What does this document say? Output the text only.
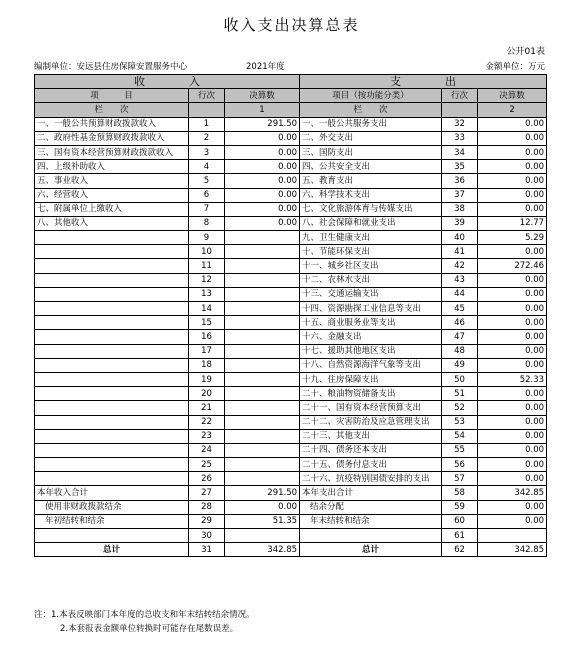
收入支出决算总表
公开01表
编制单位：安远县住房保障安置服务中心	2021年度	金额单位：万元
收　　　　入			支　　　　出		
项　　　目	行次	决算数	项目（按功能分类）	行次	决算数
栏　　次		1	栏　　次		2
一、一般公共预算财政拨款收入	1	291.50	一、一般公共服务支出	32	0.00
二、政府性基金预算财政拨款收入	2	0.00	二、外交支出	33	0.00
三、国有资本经营预算财政拨款收入	3	0.00	三、国防支出	34	0.00
四、上级补助收入	4	0.00	四、公共安全支出	35	0.00
五、事业收入	5	0.00	五、教育支出	36	0.00
六、经营收入	6	0.00	六、科学技术支出	37	0.00
七、附属单位上缴收入	7	0.00	七、文化旅游体育与传媒支出	38	0.00
八、其他收入	8	0.00	八、社会保障和就业支出	39	12.77
	9		九、卫生健康支出	40	5.29
	10		十、节能环保支出	41	0.00
	11		十一、城乡社区支出	42	272.46
	12		十二、农林水支出	43	0.00
	13		十三、交通运输支出	44	0.00
	14		十四、资源勘探工业信息等支出	45	0.00
	15		十五、商业服务业等支出	46	0.00
	16		十六、金融支出	47	0.00
	17		十七、援助其他地区支出	48	0.00
	18		十八、自然资源海洋气象等支出	49	0.00
	19		十九、住房保障支出	50	52.33
	20		二十、粮油物资储备支出	51	0.00
	21		二十一、国有资本经营预算支出	52	0.00
	22		二十二、灾害防治及应急管理支出	53	0.00
	23		二十三、其他支出	54	0.00
	24		二十四、债务还本支出	55	0.00
	25		二十五、债务付息支出	56	0.00
	26		二十六、抗疫特别国债安排的支出	57	0.00
本年收入合计	27	291.50	本年支出合计	58	342.85
使用非财政拨款结余	28	0.00	结余分配	59	0.00
年初结转和结余	29	51.35	年末结转和结余	60	0.00
	30			61	
总计	31	342.85	总计	62	342.85
注：1.本表反映部门本年度的总收支和年末结转结余情况。
2.本套报表金额单位转换时可能存在尾数误差。
